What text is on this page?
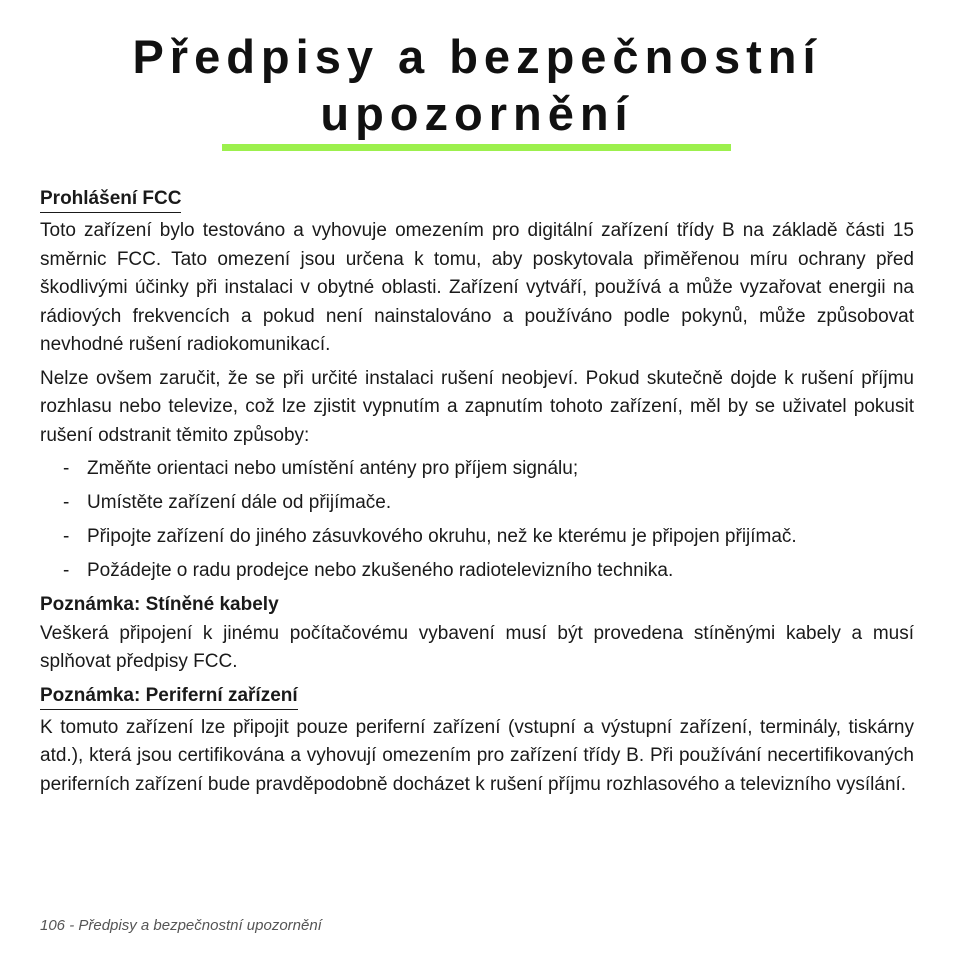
Předpisy a bezpečnostní
upozornění
Prohlášení FCC

Toto zařízení bylo testováno a vyhovuje omezením pro digitální zařízení třídy B na základě části 15 směrnic FCC. Tato omezení jsou určena k tomu, aby poskytovala přiměřenou míru ochrany před škodlivými účinky při instalaci v obytné oblasti. Zařízení vytváří, používá a může vyzařovat energii na rádiových frekvencích a pokud není nainstalováno a používáno podle pokynů, může způsobovat nevhodné rušení radiokomunikací.

Nelze ovšem zaručit, že se při určité instalaci rušení neobjeví. Pokud skutečně dojde k rušení příjmu rozhlasu nebo televize, což lze zjistit vypnutím a zapnutím tohoto zařízení, měl by se uživatel pokusit rušení odstranit těmito způsoby:

- Změňte orientaci nebo umístění antény pro příjem signálu;
- Umístěte zařízení dále od přijímače.
- Připojte zařízení do jiného zásuvkového okruhu, než ke kterému je připojen přijímač.
- Požádejte o radu prodejce nebo zkušeného radiotelevizního technika.
Poznámka: Stíněné kabely

Veškerá připojení k jinému počítačovému vybavení musí být provedena stíněnými kabely a musí splňovat předpisy FCC.

Poznámka: Periferní zařízení

K tomuto zařízení lze připojit pouze periferní zařízení (vstupní a výstupní zařízení, terminály, tiskárny atd.), která jsou certifikována a vyhovují omezením pro zařízení třídy B. Při používání necertifikovaných periferních zařízení bude pravděpodobně docházet k rušení příjmu rozhlasového a televizního vysílání.

106 - Předpisy a bezpečnostní upozornění
